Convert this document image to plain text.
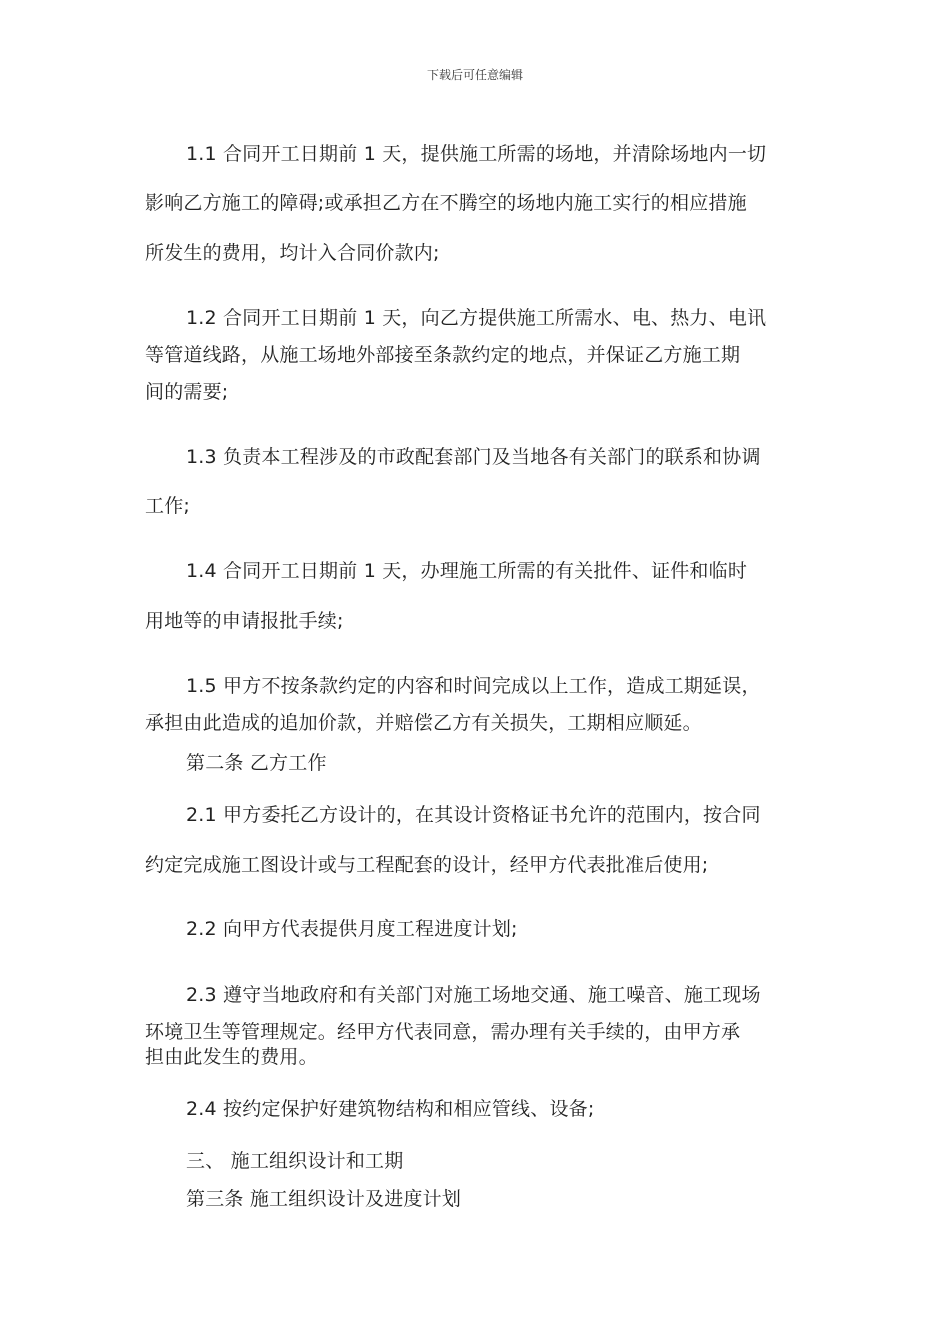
下载后可任意编辑
1.1 合同开工日期前 1 天，提供施工所需的场地，并清除场地内一切
影响乙方施工的障碍;或承担乙方在不腾空的场地内施工实行的相应措施
所发生的费用，均计入合同价款内;
1.2 合同开工日期前 1 天，向乙方提供施工所需水、电、热力、电讯
等管道线路，从施工场地外部接至条款约定的地点，并保证乙方施工期
间的需要;
1.3 负责本工程涉及的市政配套部门及当地各有关部门的联系和协调
工作;
1.4 合同开工日期前 1 天，办理施工所需的有关批件、证件和临时
用地等的申请报批手续;
1.5 甲方不按条款约定的内容和时间完成以上工作，造成工期延误，
承担由此造成的追加价款，并赔偿乙方有关损失，工期相应顺延。
第二条 乙方工作
2.1 甲方委托乙方设计的，在其设计资格证书允许的范围内，按合同
约定完成施工图设计或与工程配套的设计，经甲方代表批准后使用;
2.2 向甲方代表提供月度工程进度计划;
2.3 遵守当地政府和有关部门对施工场地交通、施工噪音、施工现场
环境卫生等管理规定。经甲方代表同意，需办理有关手续的，由甲方承
担由此发生的费用。
2.4 按约定保护好建筑物结构和相应管线、设备;
三、 施工组织设计和工期
第三条 施工组织设计及进度计划
